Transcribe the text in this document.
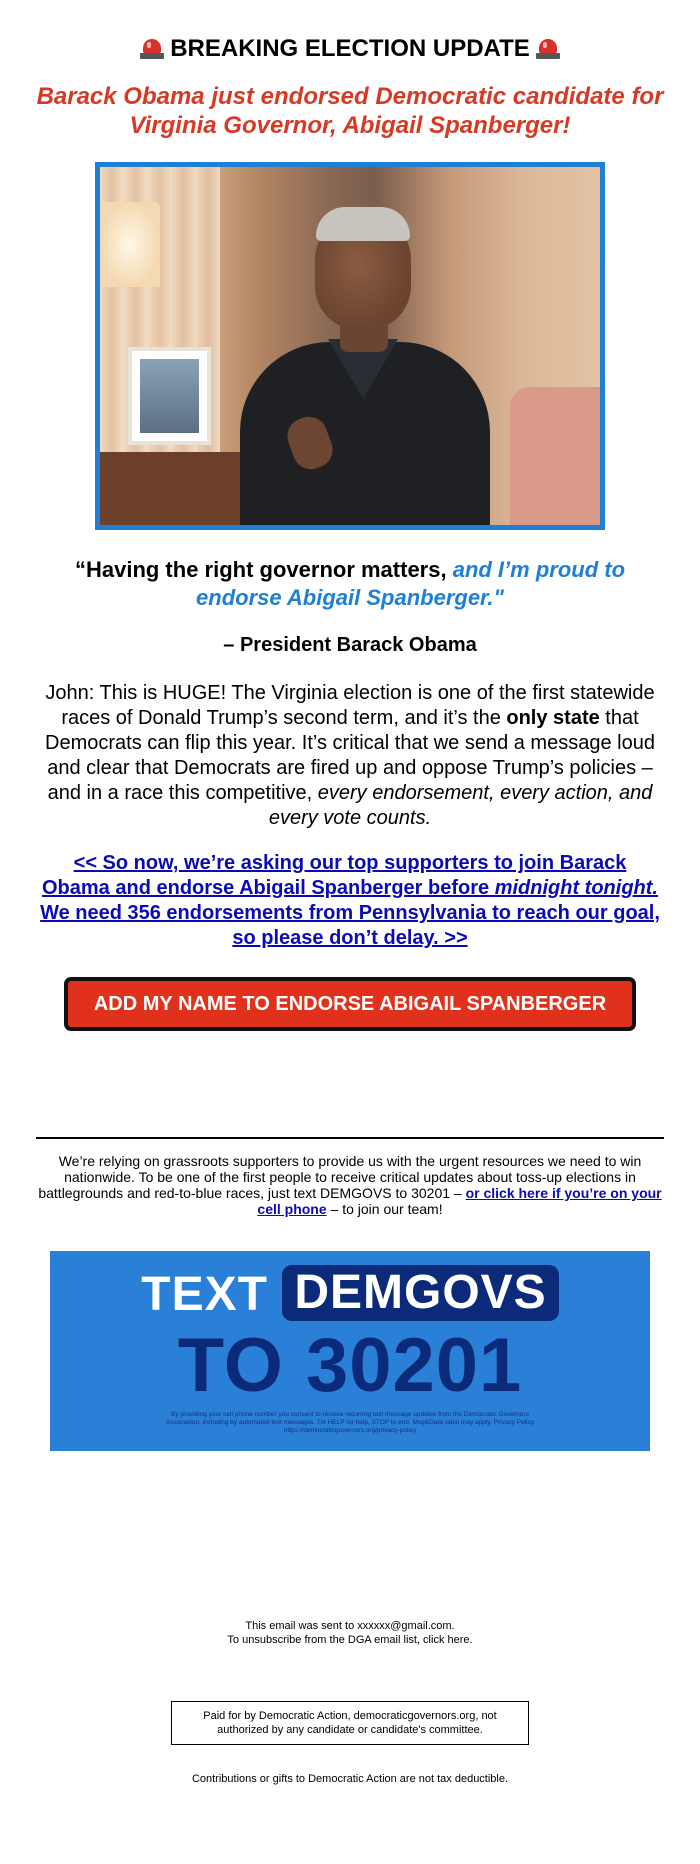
BREAKING ELECTION UPDATE
Barack Obama just endorsed Democratic candidate for Virginia Governor, Abigail Spanberger!
“Having the right governor matters, and I’m proud to endorse Abigail Spanberger."
– President Barack Obama
John: This is HUGE! The Virginia election is one of the first statewide races of Donald Trump’s second term, and it’s the only state that Democrats can flip this year. It’s critical that we send a message loud and clear that Democrats are fired up and oppose Trump’s policies – and in a race this competitive, every endorsement, every action, and every vote counts.
<< So now, we’re asking our top supporters to join Barack Obama and endorse Abigail Spanberger before midnight tonight. We need 356 endorsements from Pennsylvania to reach our goal, so please don’t delay. >>
ADD MY NAME TO ENDORSE ABIGAIL SPANBERGER
We’re relying on grassroots supporters to provide us with the urgent resources we need to win nationwide. To be one of the first people to receive critical updates about toss-up elections in battlegrounds and red-to-blue races, just text DEMGOVS to 30201 – or click here if you’re on your cell phone – to join our team!
TEXT DEMGOVS
TO 30201
By providing your cell phone number you consent to receive recurring text message updates from the Democratic Governors Association, including by automated text messages. Txt HELP for help, STOP to end. Msg&Data rates may apply. Privacy Policy https://democraticgovernors.org/privacy-policy
This email was sent to xxxxxx@gmail.com.
To unsubscribe from the DGA email list, click here.
Paid for by Democratic Action, democraticgovernors.org, not authorized by any candidate or candidate's committee.
Contributions or gifts to Democratic Action are not tax deductible.
